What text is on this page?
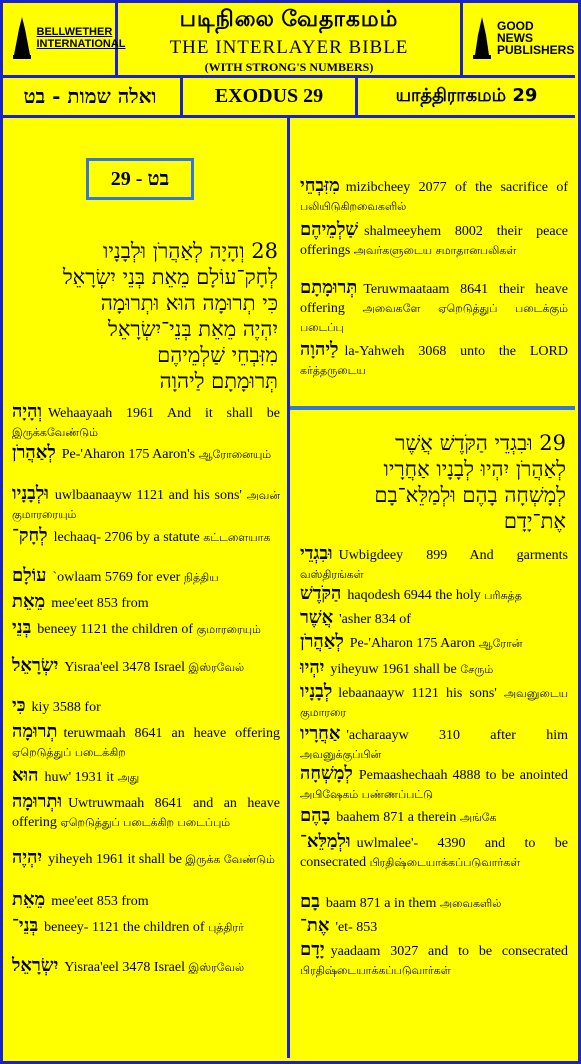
BELLWETHER INTERNATIONAL
படிநிலை வேதாகமம்
THE INTERLAYER BIBLE
(WITH STRONG'S NUMBERS)
GOOD NEWS PUBLISHERS
ואלה שמות - בט	EXODUS 29	யாத்திராகமம் 29
29 - בט
28 וְהָיָה לְאַהֲרֹן וּלְבָנָיו
לְחָק־עוֹלָם מֵאֵת בְּנֵי יִשְׂרָאֵל
כִּי תְרוּמָה הוּא וּתְרוּמָה
יִהְיֶה מֵאֵת בְּנֵי־יִשְׂרָאֵל
מִזִּבְחֵי שַׁלְמֵיהֶם
תְּרוּמָתָם לַיהוָה
וְהָיָה Wehaayaah 1961 And it shall be இருக்கவேண்டும்
לְאַהֲרֹן Pe-'Aharon 175 Aaron's ஆரோனையும்
וּלְבָנָיו uwlbaanaayw 1121 and his sons' அவன் குமாரரையும்
לְחָק־ lechaaq- 2706 by a statute கட்டளையாக
עוֹלָם `owlaam 5769 for ever நித்திய
מֵאֵת mee'eet 853 from
בְּנֵי beneey 1121 the children of குமாரரையும்
יִשְׂרָאֵל Yisraa'eel 3478 Israel இஸ்ரவேல்
כִּי kiy 3588 for
תְרוּמָה teruwmaah 8641 an heave offering ஏறெடுத்துப் படைக்கிற
הוּא huw' 1931 it அது
וּתְרוּמָה Uwtruwmaah 8641 and an heave offering ஏறெடுத்துப் படைக்கிற படைப்பும்
יִהְיֶה yiheyeh 1961 it shall be இருக்க வேண்டும்
מֵאֵת mee'eet 853 from
בְּנֵי־ beneey- 1121 the children of புத்திரர்
יִשְׂרָאֵל Yisraa'eel 3478 Israel இஸ்ரவேல்
מִזִּבְחֵי mizibcheey 2077 of the sacrifice of பலியிடுகிறவைகளில்
שַׁלְמֵיהֶם shalmeeyhem 8002 their peace offerings அவர்களுடைய சமாதானபலிகள்
תְּרוּמָתָם Teruwmaataam 8641 their heave offering அவைகளே ஏறெடுத்துப் படைக்கும் படைப்பு
לַיהוָה la-Yahweh 3068 unto the LORD கர்த்தருடைய
29 וּבִגְדֵי הַקֹּדֶשׁ אֲשֶׁר
לְאַהֲרֹן יִהְיוּ לְבָנָיו אַחֲרָיו
לְמָשְׁחָה בָהֶם וּלְמַלֵּא־בָם
אֶת־יָדָם
וּבִגְדֵי Uwbigdeey 899 And garments வஸ்திரங்கள்
הַקֹּדֶשׁ haqodesh 6944 the holy பரிசுத்த
אֲשֶׁר 'asher 834 of
לְאַהֲרֹן Pe-'Aharon 175 Aaron ஆரோன்
יִהְיוּ yiheyuw 1961 shall be சேரும்
לְבָנָיו lebaanaayw 1121 his sons' அவனுடைய குமாரரை
אַחֲרָיו 'acharaayw 310 after him அவனுக்குப்பின்
לְמָשְׁחָה Pemaashechaah 4888 to be anointed அபிஷேகம் பண்ணப்பட்டு
בָהֶם baahem 871 a therein அங்கே
וּלְמַלֵּא־ uwlmalee'- 4390 and to be consecrated பிரதிஷ்டையாக்கப்படுவார்கள்
בָם baam 871 a in them அவைகளில்
אֶת־ 'et- 853
יָדָם yaadaam 3027 and to be consecrated பிரதிஷ்டையாக்கப்படுவார்கள்
